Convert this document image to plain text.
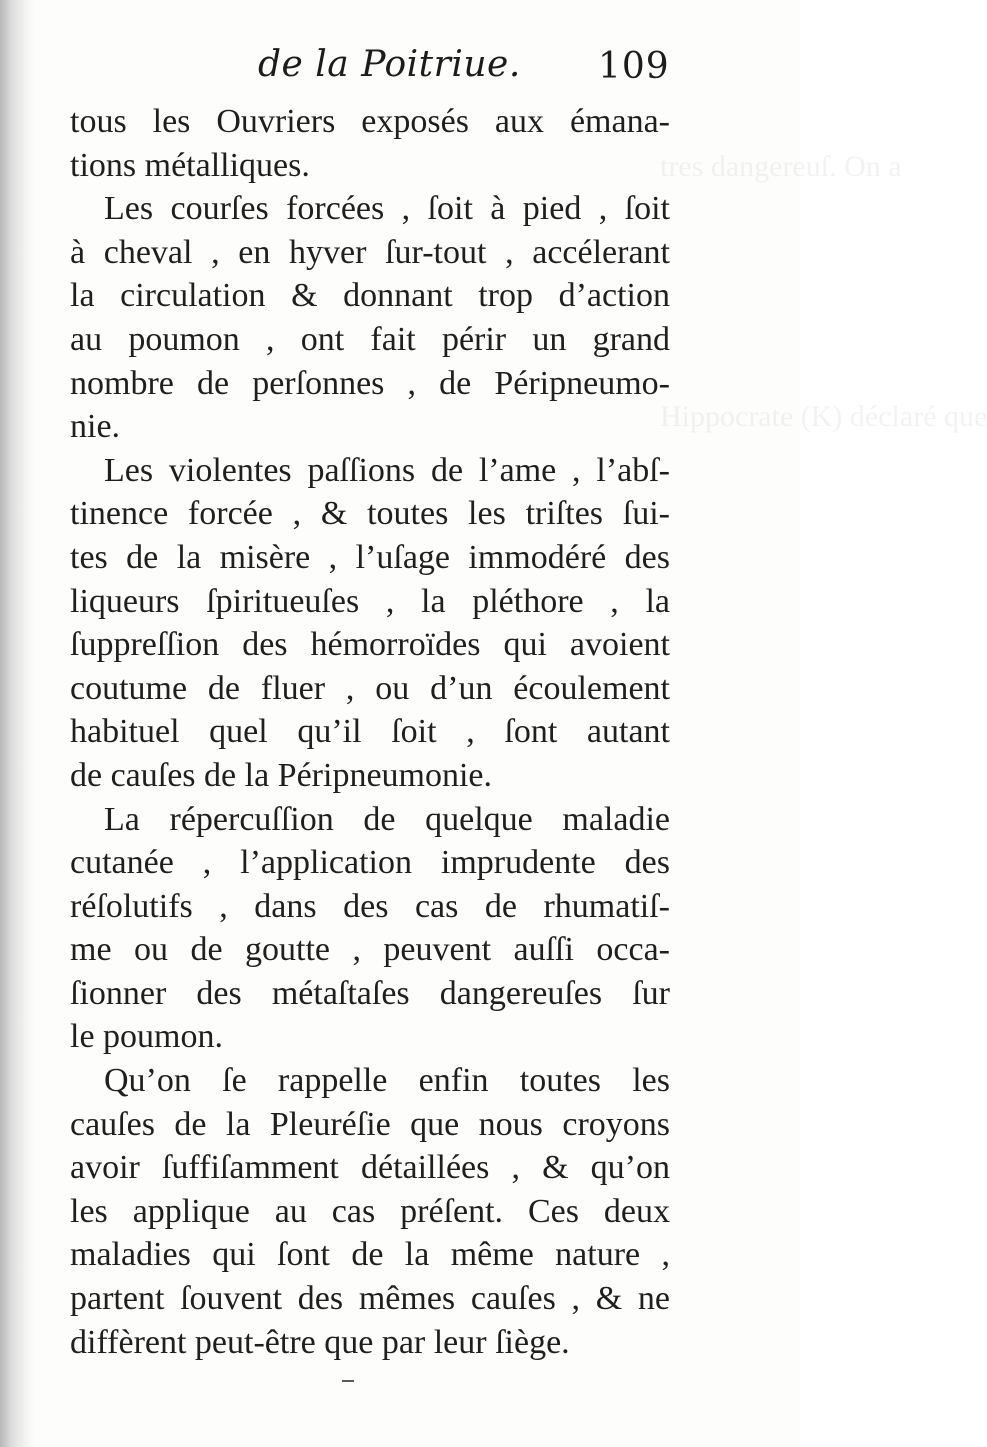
tres dangereuſ. On a
Hippocrate (K) déclaré que
de la Poitriue. 109
tous les Ouvriers exposés aux émana-
tions métalliques.
Les courſes forcées , ſoit à pied , ſoit
à cheval , en hyver ſur-tout , accélerant
la circulation & donnant trop d’action
au poumon , ont fait périr un grand
nombre de perſonnes , de Péripneumo-
nie.
Les violentes paſſions de l’ame , l’abſ-
tinence forcée , & toutes les triſtes ſui-
tes de la misère , l’uſage immodéré des
liqueurs ſpiritueuſes , la pléthore , la
ſuppreſſion des hémorroïdes qui avoient
coutume de fluer , ou d’un écoulement
habituel quel qu’il ſoit , ſont autant
de cauſes de la Péripneumonie.
La répercuſſion de quelque maladie
cutanée , l’application imprudente des
réſolutifs , dans des cas de rhumatiſ-
me ou de goutte , peuvent auſſi occa-
ſionner des métaſtaſes dangereuſes ſur
le poumon.
Qu’on ſe rappelle enfin toutes les
cauſes de la Pleuréſie que nous croyons
avoir ſuffiſamment détaillées , & qu’on
les applique au cas préſent. Ces deux
maladies qui ſont de la même nature ,
partent ſouvent des mêmes cauſes , & ne
diffèrent peut-être que par leur ſiège.
